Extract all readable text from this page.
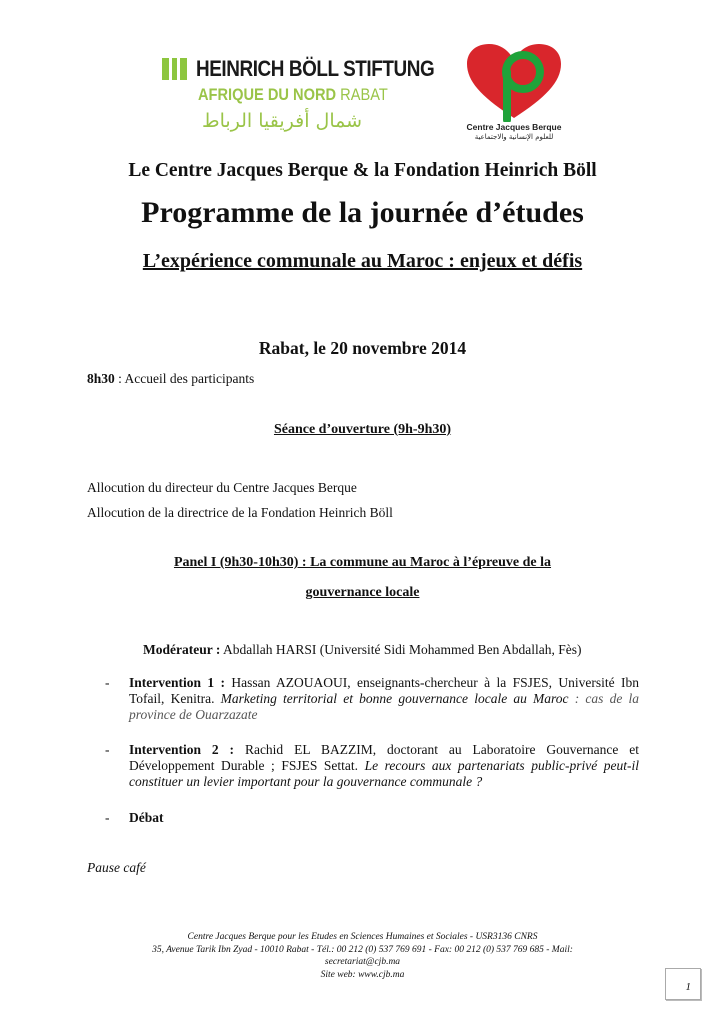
HEINRICH BÖLL STIFTUNG
AFRIQUE DU NORD RABAT
شمال أفريقيا الرباط	Centre Jacques Berque
للعلوم الإنسانية والاجتماعية
Le Centre Jacques Berque & la Fondation Heinrich Böll
Programme de la journée d’études
L’expérience communale au Maroc : enjeux et défis
Rabat, le 20 novembre 2014
8h30 : Accueil des participants
Séance d’ouverture (9h-9h30)
Allocution du directeur du Centre Jacques Berque
Allocution de la directrice de la Fondation Heinrich Böll
Panel I (9h30-10h30) : La commune au Maroc à l’épreuve de la
gouvernance locale
Modérateur : Abdallah HARSI (Université Sidi Mohammed Ben Abdallah, Fès)
- Intervention 1 : Hassan AZOUAOUI, enseignants-chercheur à la FSJES, Université Ibn Tofail, Kenitra. Marketing territorial et bonne gouvernance locale au Maroc : cas de la province de Ouarzazate
- Intervention 2 : Rachid EL BAZZIM, doctorant au Laboratoire Gouvernance et Développement Durable ; FSJES Settat. Le recours aux partenariats public-privé peut-il constituer un levier important pour la gouvernance communale ?
- Débat
Pause café
Centre Jacques Berque pour les Etudes en Sciences Humaines et Sociales - USR3136 CNRS
35, Avenue Tarik Ibn Zyad - 10010 Rabat - Tél.: 00 212 (0) 537 769 691 - Fax: 00 212 (0) 537 769 685 - Mail:
secretariat@cjb.ma
Site web: www.cjb.ma
1
